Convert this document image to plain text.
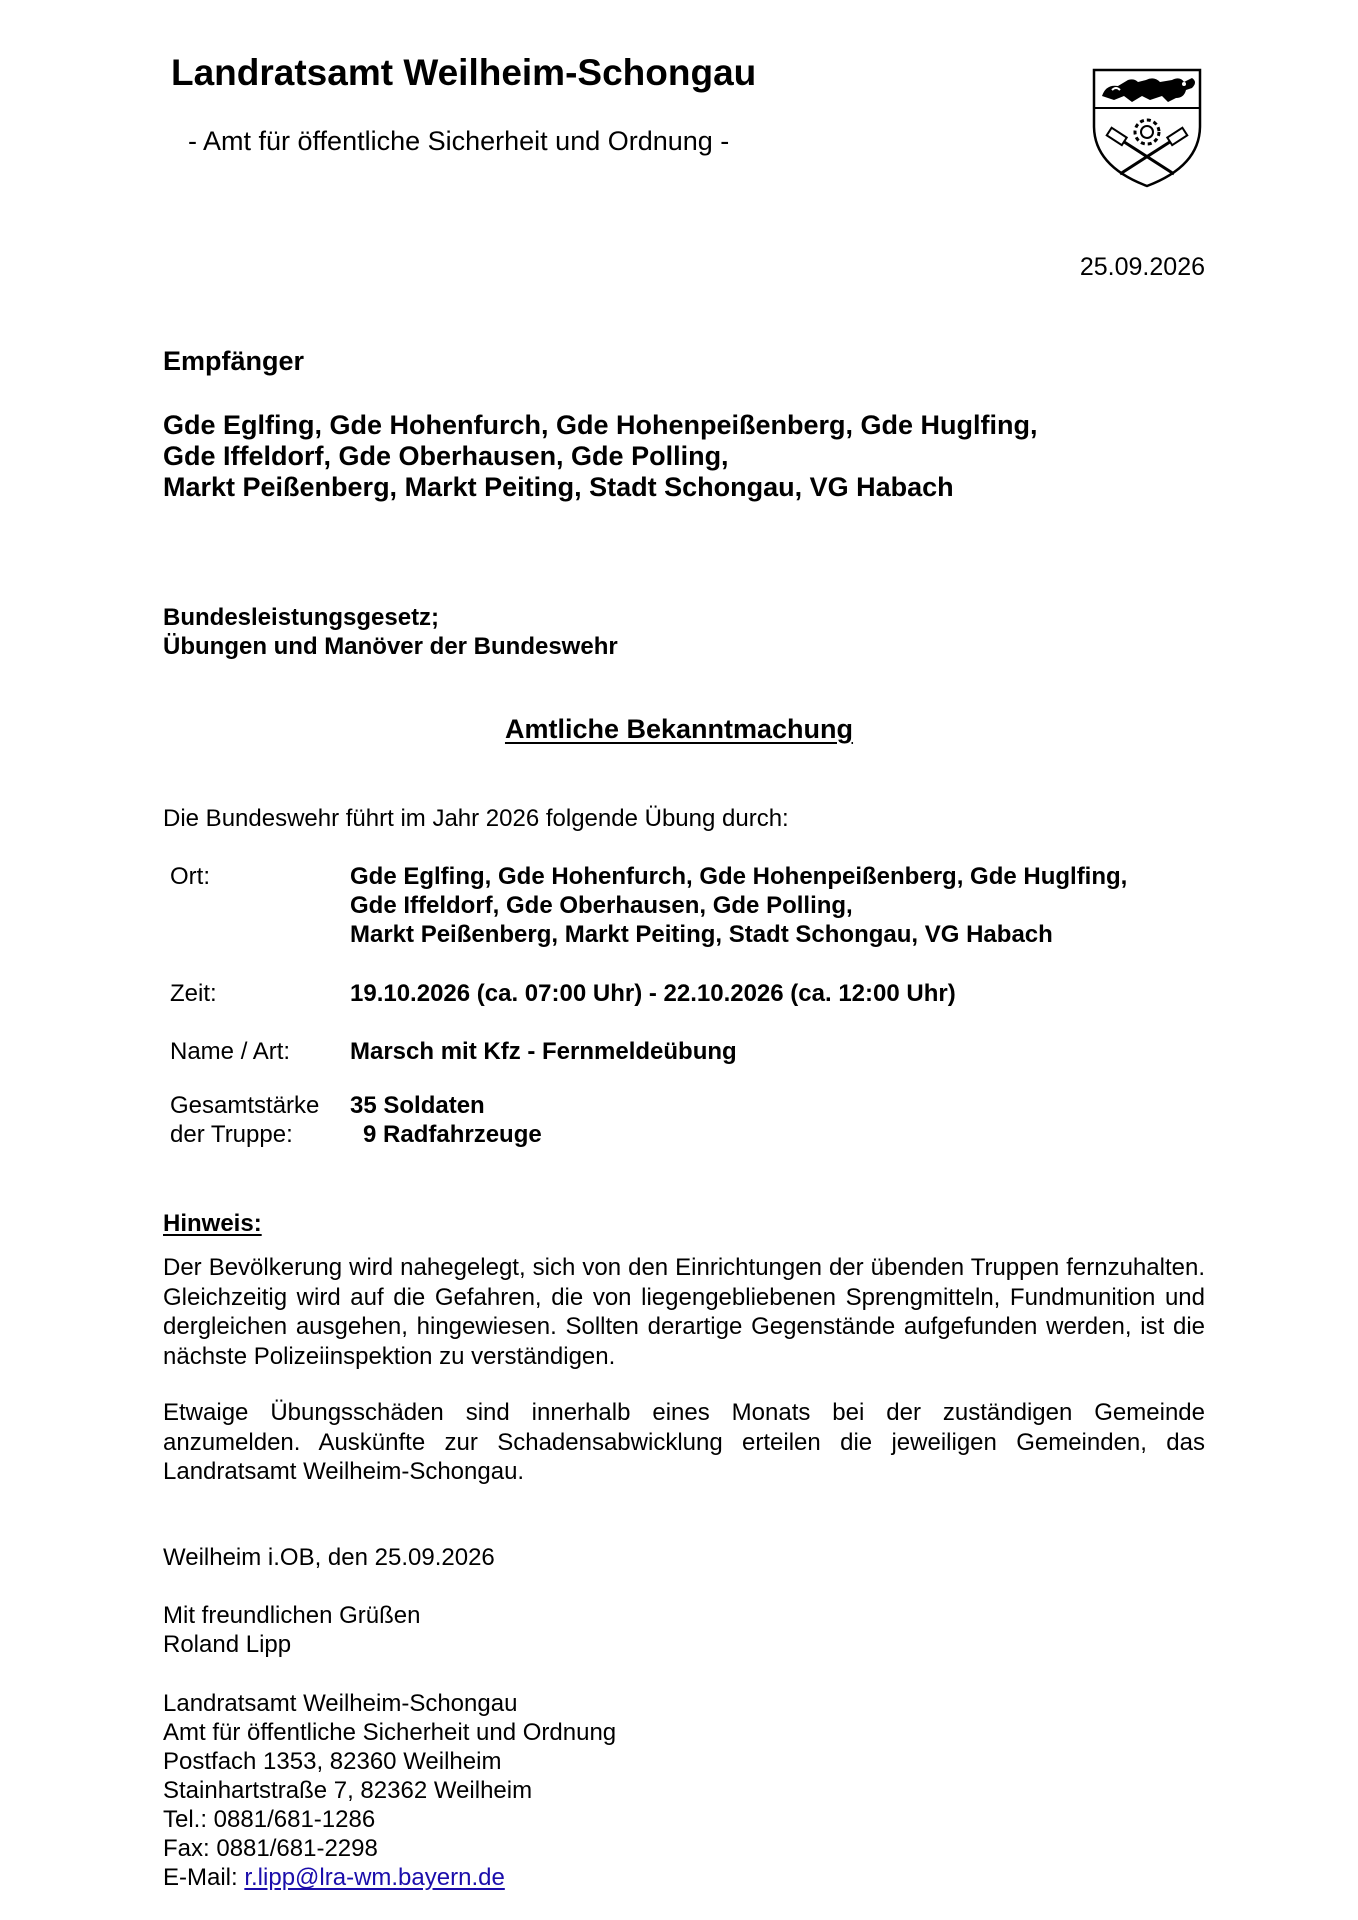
Landratsamt Weilheim-Schongau
- Amt für öffentliche Sicherheit und Ordnung -
25.09.2026
Empfänger
Gde Eglfing, Gde Hohenfurch, Gde Hohenpeißenberg, Gde Huglfing,
Gde Iffeldorf, Gde Oberhausen, Gde Polling,
Markt Peißenberg, Markt Peiting, Stadt Schongau, VG Habach
Bundesleistungsgesetz;
Übungen und Manöver der Bundeswehr
Amtliche Bekanntmachung
Die Bundeswehr führt im Jahr 2026 folgende Übung durch:
Ort:	Gde Eglfing, Gde Hohenfurch, Gde Hohenpeißenberg, Gde Huglfing,
Gde Iffeldorf, Gde Oberhausen, Gde Polling,
Markt Peißenberg, Markt Peiting, Stadt Schongau, VG Habach
Zeit:	19.10.2026 (ca. 07:00 Uhr) - 22.10.2026 (ca. 12:00 Uhr)
Name / Art: Marsch mit Kfz - Fernmeldeübung
Gesamtstärke
der Truppe:
35 Soldaten
9 Radfahrzeuge
Hinweis:
Der Bevölkerung wird nahegelegt, sich von den Einrichtungen der übenden Truppen fernzuhalten. Gleichzeitig wird auf die Gefahren, die von liegengebliebenen Sprengmitteln, Fundmunition und dergleichen ausgehen, hingewiesen. Sollten derartige Gegenstände aufgefunden werden, ist die nächste Polizeiinspektion zu verständigen.
Etwaige Übungsschäden sind innerhalb eines Monats bei der zuständigen Gemeinde anzumelden. Auskünfte zur Schadensabwicklung erteilen die jeweiligen Gemeinden, das Landratsamt Weilheim-Schongau.
Weilheim i.OB, den 25.09.2026
Mit freundlichen Grüßen
Roland Lipp
Landratsamt Weilheim-Schongau
Amt für öffentliche Sicherheit und Ordnung
Postfach 1353, 82360 Weilheim
Stainhartstraße 7, 82362 Weilheim
Tel.: 0881/681-1286
Fax: 0881/681-2298
E-Mail: r.lipp@lra-wm.bayern.de
